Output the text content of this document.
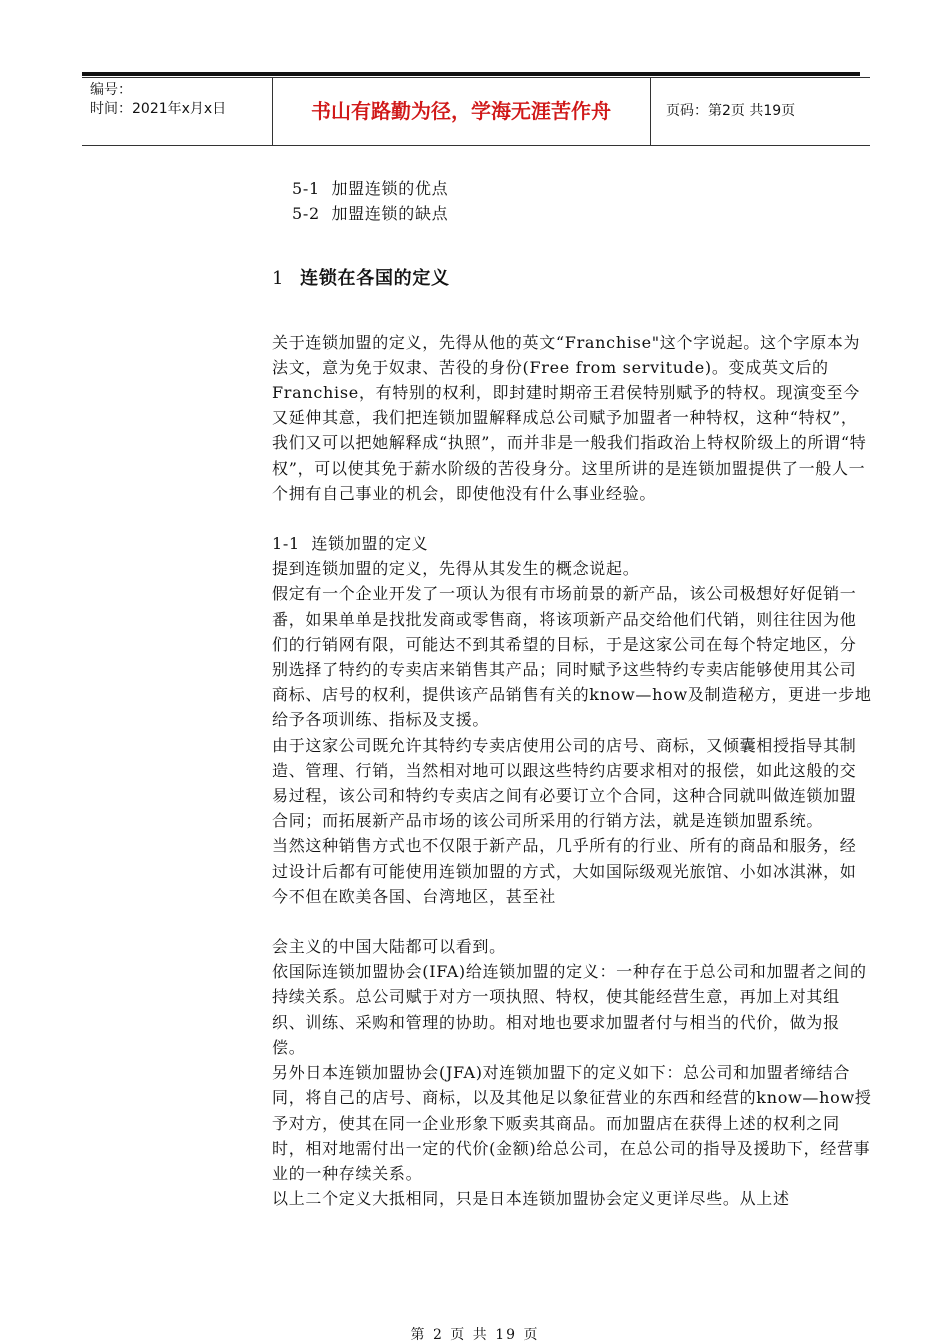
编号：
时间：2021年x月x日	书山有路勤为径，学海无涯苦作舟	页码：第2页 共19页

5-1 加盟连锁的优点

5-2 加盟连锁的缺点

1 连锁在各国的定义

关于连锁加盟的定义，先得从他的英文“Franchise"这个字说起。这个字原本为法文，意为免于奴隶、苦役的身份(Free from servitude)。变成英文后的Franchise，有特别的权利，即封建时期帝王君侯特别赋予的特权。现演变至今又延伸其意，我们把连锁加盟解释成总公司赋予加盟者一种特权，这种“特权”，我们又可以把她解释成“执照”，而并非是一般我们指政治上特权阶级上的所谓“特权”，可以使其免于薪水阶级的苦役身分。这里所讲的是连锁加盟提供了一般人一个拥有自己事业的机会，即使他没有什么事业经验。

1-1 连锁加盟的定义

提到连锁加盟的定义，先得从其发生的概念说起。

假定有一个企业开发了一项认为很有市场前景的新产品，该公司极想好好促销一番，如果单单是找批发商或零售商，将该项新产品交给他们代销，则往往因为他们的行销网有限，可能达不到其希望的目标，于是这家公司在每个特定地区，分别选择了特约的专卖店来销售其产品；同时赋予这些特约专卖店能够使用其公司商标、店号的权利，提供该产品销售有关的know—how及制造秘方，更进一步地给予各项训练、指标及支援。

由于这家公司既允许其特约专卖店使用公司的店号、商标，又倾囊相授指导其制造、管理、行销，当然相对地可以跟这些特约店要求相对的报偿，如此这般的交易过程，该公司和特约专卖店之间有必要订立个合同，这种合同就叫做连锁加盟合同；而拓展新产品市场的该公司所采用的行销方法，就是连锁加盟系统。

当然这种销售方式也不仅限于新产品，几乎所有的行业、所有的商品和服务，经过设计后都有可能使用连锁加盟的方式，大如国际级观光旅馆、小如冰淇淋，如今不但在欧美各国、台湾地区，甚至社

会主义的中国大陆都可以看到。

依国际连锁加盟协会(IFA)给连锁加盟的定义：一种存在于总公司和加盟者之间的持续关系。总公司赋于对方一项执照、特权，使其能经营生意，再加上对其组织、训练、采购和管理的协助。相对地也要求加盟者付与相当的代价，做为报偿。

另外日本连锁加盟协会(JFA)对连锁加盟下的定义如下：总公司和加盟者缔结合同，将自己的店号、商标，以及其他足以象征营业的东西和经营的know—how授予对方，使其在同一企业形象下贩卖其商品。而加盟店在获得上述的权利之同时，相对地需付出一定的代价(金额)给总公司，在总公司的指导及援助下，经营事业的一种存续关系。

以上二个定义大抵相同，只是日本连锁加盟协会定义更详尽些。从上述

第 2 页 共 19 页
